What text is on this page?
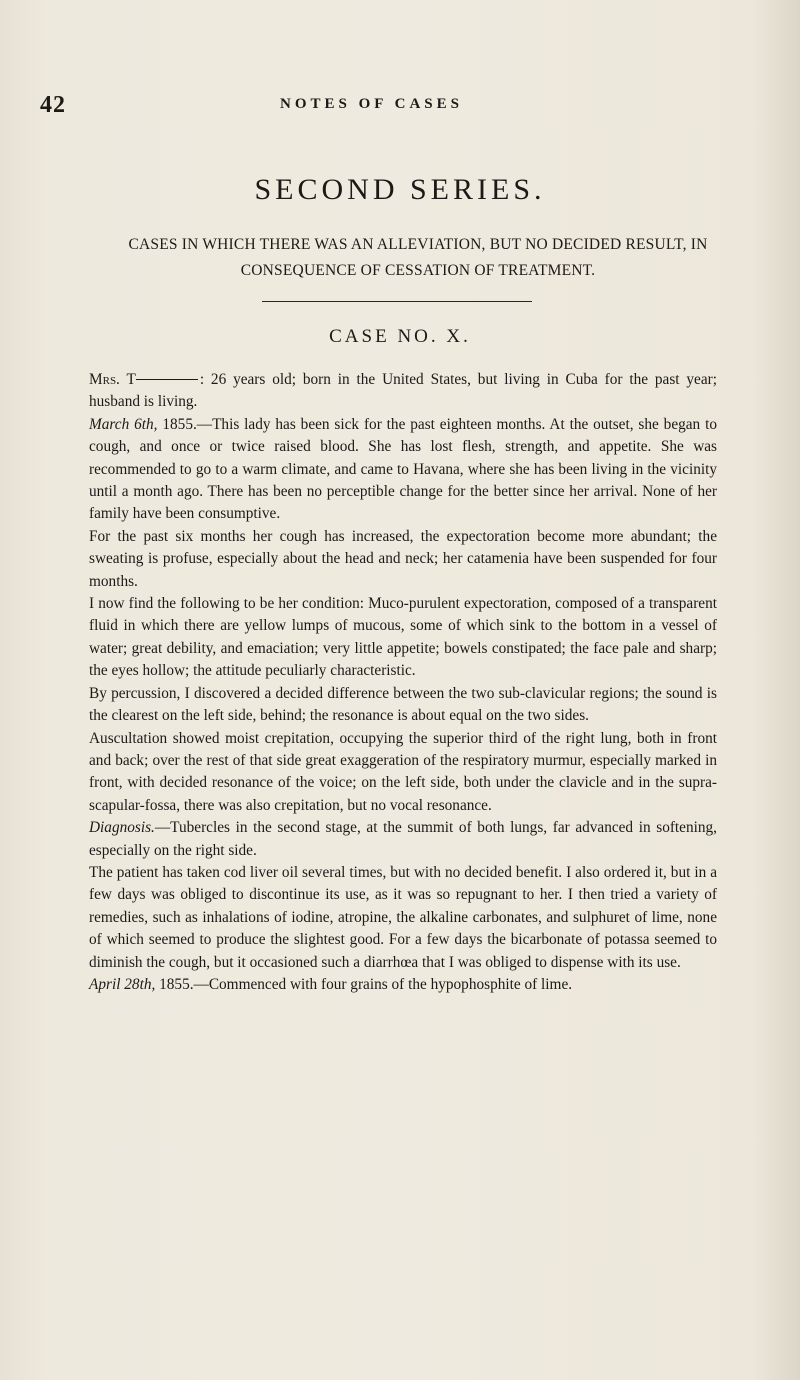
42	NOTES OF CASES
SECOND SERIES.
CASES IN WHICH THERE WAS AN ALLEVIATION, BUT NO DECIDED RESULT, IN CONSEQUENCE OF CESSATION OF TREATMENT.
CASE NO. X.

Mrs. T	: 26 years old; born in the United States, but living in Cuba for the past year; husband is living.

March 6th, 1855.—This lady has been sick for the past eighteen months. At the outset, she began to cough, and once or twice raised blood. She has lost flesh, strength, and appetite. She was recommended to go to a warm climate, and came to Havana, where she has been living in the vicinity until a month ago. There has been no perceptible change for the better since her arrival. None of her family have been consumptive.

For the past six months her cough has increased, the expectoration become more abundant; the sweating is profuse, especially about the head and neck; her catamenia have been suspended for four months.

I now find the following to be her condition: Muco-purulent expectoration, composed of a transparent fluid in which there are yellow lumps of mucous, some of which sink to the bottom in a vessel of water; great debility, and emaciation; very little appetite; bowels constipated; the face pale and sharp; the eyes hollow; the attitude peculiarly characteristic.

By percussion, I discovered a decided difference between the two sub-clavicular regions; the sound is the clearest on the left side, behind; the resonance is about equal on the two sides.

Auscultation showed moist crepitation, occupying the superior third of the right lung, both in front and back; over the rest of that side great exaggeration of the respiratory murmur, especially marked in front, with decided resonance of the voice; on the left side, both under the clavicle and in the supra-scapular-fossa, there was also crepitation, but no vocal resonance.

Diagnosis.—Tubercles in the second stage, at the summit of both lungs, far advanced in softening, especially on the right side.

The patient has taken cod liver oil several times, but with no decided benefit. I also ordered it, but in a few days was obliged to discontinue its use, as it was so repugnant to her. I then tried a variety of remedies, such as inhalations of iodine, atropine, the alkaline carbonates, and sulphuret of lime, none of which seemed to produce the slightest good. For a few days the bicarbonate of potassa seemed to diminish the cough, but it occasioned such a diarrhœa that I was obliged to dispense with its use.

April 28th, 1855.—Commenced with four grains of the hypophosphite of lime.
